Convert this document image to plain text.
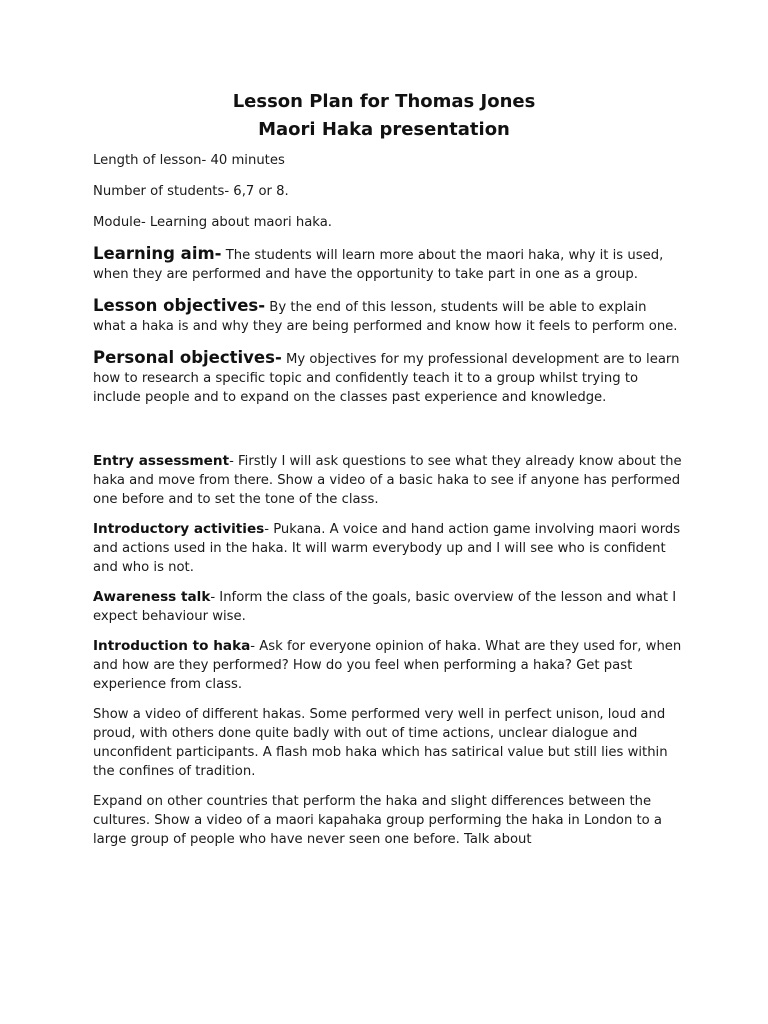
Lesson Plan for Thomas Jones
Maori Haka presentation

Length of lesson- 40 minutes

Number of students- 6,7 or 8.

Module- Learning about maori haka.

Learning aim- The students will learn more about the maori haka, why it is used, when they are performed and have the opportunity to take part in one as a group.

Lesson objectives- By the end of this lesson, students will be able to explain what a haka is and why they are being performed and know how it feels to perform one.

Personal objectives- My objectives for my professional development are to learn how to research a specific topic and confidently teach it to a group whilst trying to include people and to expand on the classes past experience and knowledge.

Entry assessment- Firstly I will ask questions to see what they already know about the haka and move from there. Show a video of a basic haka to see if anyone has performed one before and to set the tone of the class.

Introductory activities- Pukana. A voice and hand action game involving maori words and actions used in the haka. It will warm everybody up and I will see who is confident and who is not.

Awareness talk- Inform the class of the goals, basic overview of the lesson and what I expect behaviour wise.

Introduction to haka- Ask for everyone opinion of haka. What are they used for, when and how are they performed? How do you feel when performing a haka? Get past experience from class.

Show a video of different hakas. Some performed very well in perfect unison, loud and proud, with others done quite badly with out of time actions, unclear dialogue and unconfident participants. A flash mob haka which has satirical value but still lies within the confines of tradition.

Expand on other countries that perform the haka and slight differences between the cultures. Show a video of a maori kapahaka group performing the haka in London to a large group of people who have never seen one before. Talk about
